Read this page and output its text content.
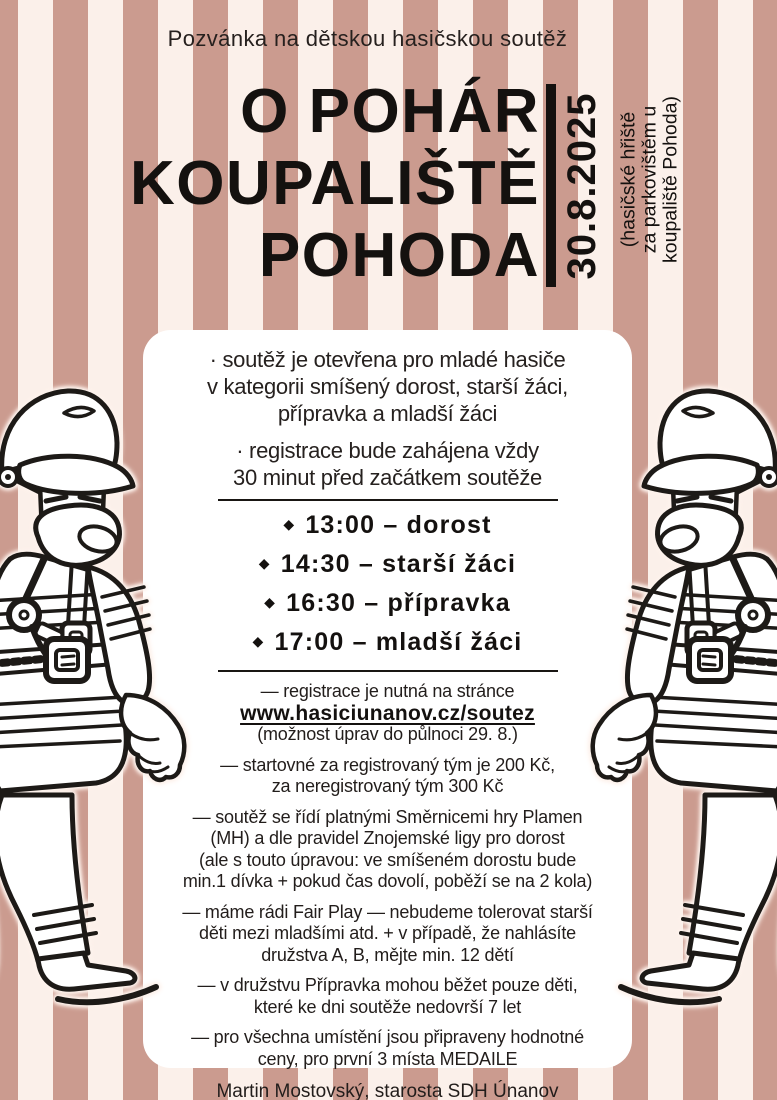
Pozvánka na dětskou hasičskou soutěž
O POHÁR
KOUPALIŠTĚ
POHODA 30.8.2025 (hasičské hřiště za parkovištěm u koupaliště Pohoda)
· soutěž je otevřena pro mladé hasiče
v kategorii smíšený dorost, starší žáci,
přípravka a mladší žáci
· registrace bude zahájena vždy
30 minut před začátkem soutěže
◆ 13:00 – dorost
◆ 14:30 – starší žáci
◆ 16:30 – přípravka
◆ 17:00 – mladší žáci
— registrace je nutná na stránce
www.hasiciunanov.cz/soutez
(možnost úprav do půlnoci 29. 8.)
— startovné za registrovaný tým je 200 Kč,
za neregistrovaný tým 300 Kč
— soutěž se řídí platnými Směrnicemi hry Plamen
(MH) a dle pravidel Znojemské ligy pro dorost
(ale s touto úpravou: ve smíšeném dorostu bude
min.1 dívka + pokud čas dovolí, poběží se na 2 kola)
— máme rádi Fair Play — nebudeme tolerovat starší
děti mezi mladšími atd. + v případě, že nahlásíte
družstva A, B, mějte min. 12 dětí
— v družstvu Přípravka mohou běžet pouze děti,
které ke dni soutěže nedovrší 7 let
— pro všechna umístění jsou připraveny hodnotné
ceny, pro první 3 místa MEDAILE
Martin Mostovský, starosta SDH Únanov
